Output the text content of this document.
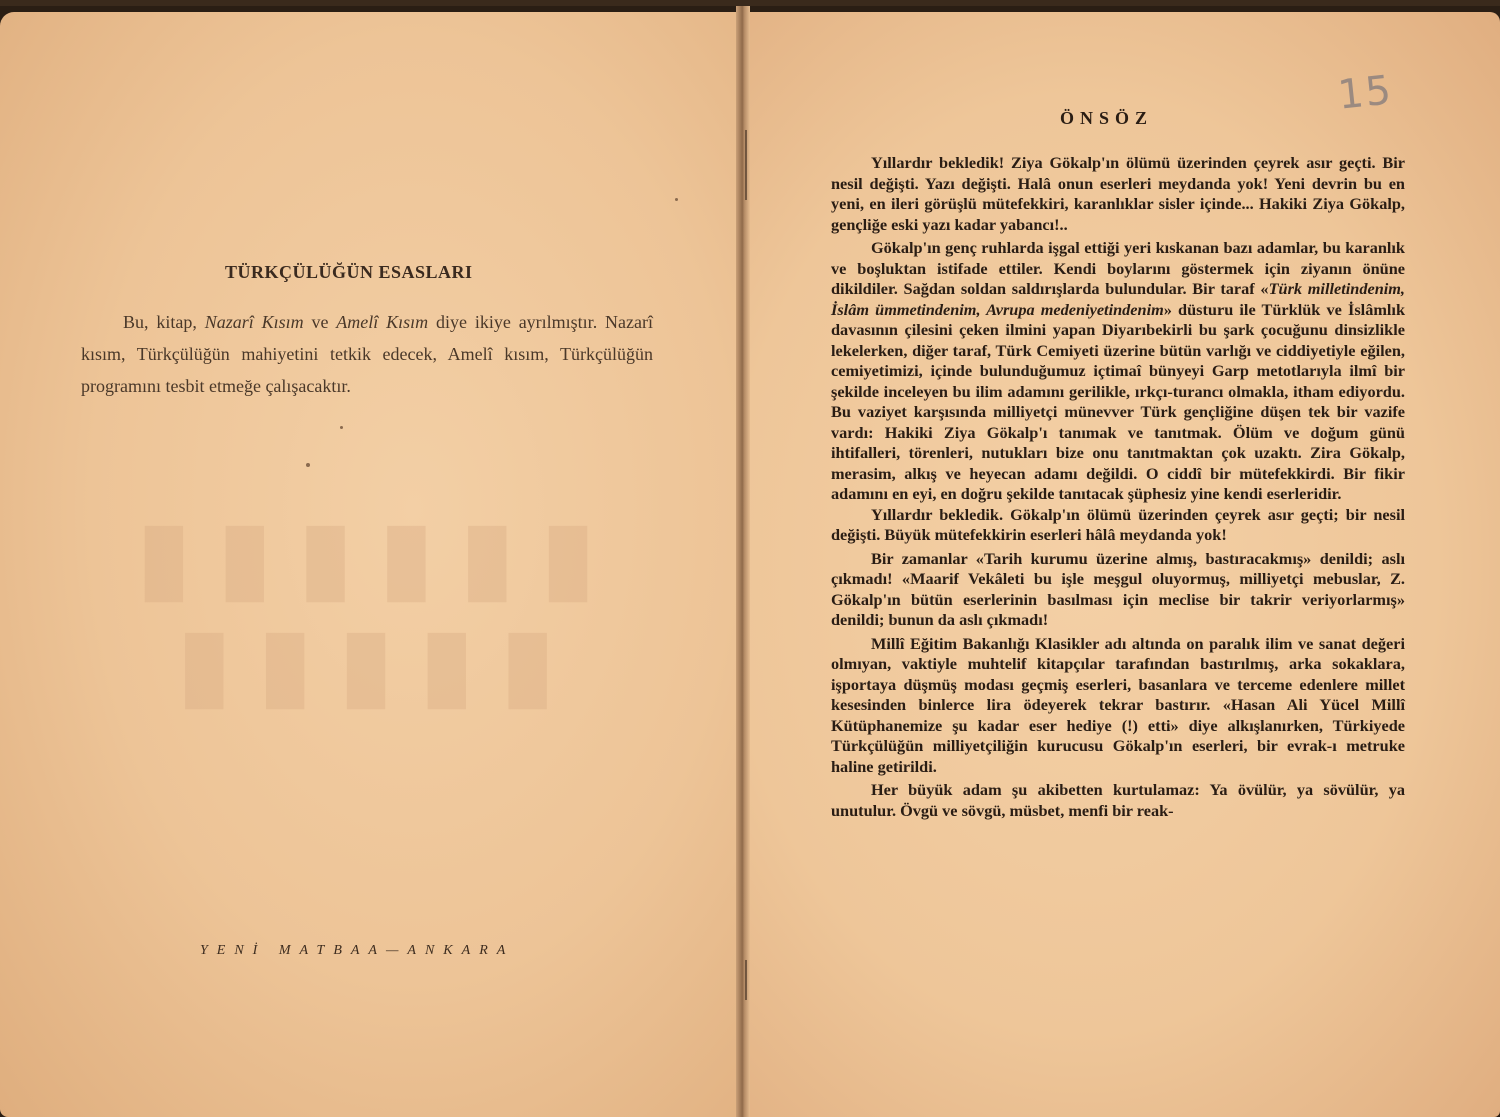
▮▮▮▮▮▮
▮▮▮▮▮
TÜRKÇÜLÜĞÜN ESASLARI
Bu, kitap, Nazarî Kısım ve Amelî Kısım diye ikiye ayrılmıştır. Nazarî kısım, Türkçülüğün mahiyetini tetkik edecek, Amelî kısım, Türkçülüğün programını tesbit etmeğe çalışacaktır.
YENİ MATBAA—ANKARA
15
ÖNSÖZ

Yıllardır bekledik! Ziya Gökalp'ın ölümü üzerinden çeyrek asır geçti. Bir nesil değişti. Yazı değişti. Halâ onun eserleri meydanda yok! Yeni devrin bu en yeni, en ileri görüşlü mütefekkiri, karanlıklar sisler içinde... Hakiki Ziya Gökalp, gençliğe eski yazı kadar yabancı!..

Gökalp'ın genç ruhlarda işgal ettiği yeri kıskanan bazı adamlar, bu karanlık ve boşluktan istifade ettiler. Kendi boylarını göstermek için ziyanın önüne dikildiler. Sağdan soldan saldırışlarda bulundular. Bir taraf «Türk milletindenim, İslâm ümmetindenim, Avrupa medeniyetindenim» düsturu ile Türklük ve İslâmlık davasının çilesini çeken ilmini yapan Diyarıbekirli bu şark çocuğunu dinsizlikle lekelerken, diğer taraf, Türk Cemiyeti üzerine bütün varlığı ve ciddiyetiyle eğilen, cemiyetimizi, içinde bulunduğumuz içtimaî bünyeyi Garp metotlarıyla ilmî bir şekilde inceleyen bu ilim adamını gerilikle, ırkçı-turancı olmakla, itham ediyordu. Bu vaziyet karşısında milliyetçi münevver Türk gençliğine düşen tek bir vazife vardı: Hakiki Ziya Gökalp'ı tanımak ve tanıtmak. Ölüm ve doğum günü ihtifalleri, törenleri, nutukları bize onu tanıtmaktan çok uzaktı. Zira Gökalp, merasim, alkış ve heyecan adamı değildi. O ciddî bir mütefekkirdi. Bir fikir adamını en eyi, en doğru şekilde tanıtacak şüphesiz yine kendi eserleridir.

Yıllardır bekledik. Gökalp'ın ölümü üzerinden çeyrek asır geçti; bir nesil değişti. Büyük mütefekkirin eserleri hâlâ meydanda yok!

Bir zamanlar «Tarih kurumu üzerine almış, bastıracakmış» denildi; aslı çıkmadı! «Maarif Vekâleti bu işle meşgul oluyormuş, milliyetçi mebuslar, Z. Gökalp'ın bütün eserlerinin basılması için meclise bir takrir veriyorlarmış» denildi; bunun da aslı çıkmadı!

Millî Eğitim Bakanlığı Klasikler adı altında on paralık ilim ve sanat değeri olmıyan, vaktiyle muhtelif kitapçılar tarafından bastırılmış, arka sokaklara, işportaya düşmüş modası geçmiş eserleri, basanlara ve terceme edenlere millet kesesinden binlerce lira ödeyerek tekrar bastırır. «Hasan Ali Yücel Millî Kütüphanemize şu kadar eser hediye (!) etti» diye alkışlanırken, Türkiyede Türkçülüğün milliyetçiliğin kurucusu Gökalp'ın eserleri, bir evrak-ı metruke haline getirildi.

Her büyük adam şu akibetten kurtulamaz: Ya övülür, ya sövülür, ya unutulur. Övgü ve sövgü, müsbet, menfi bir reak-
